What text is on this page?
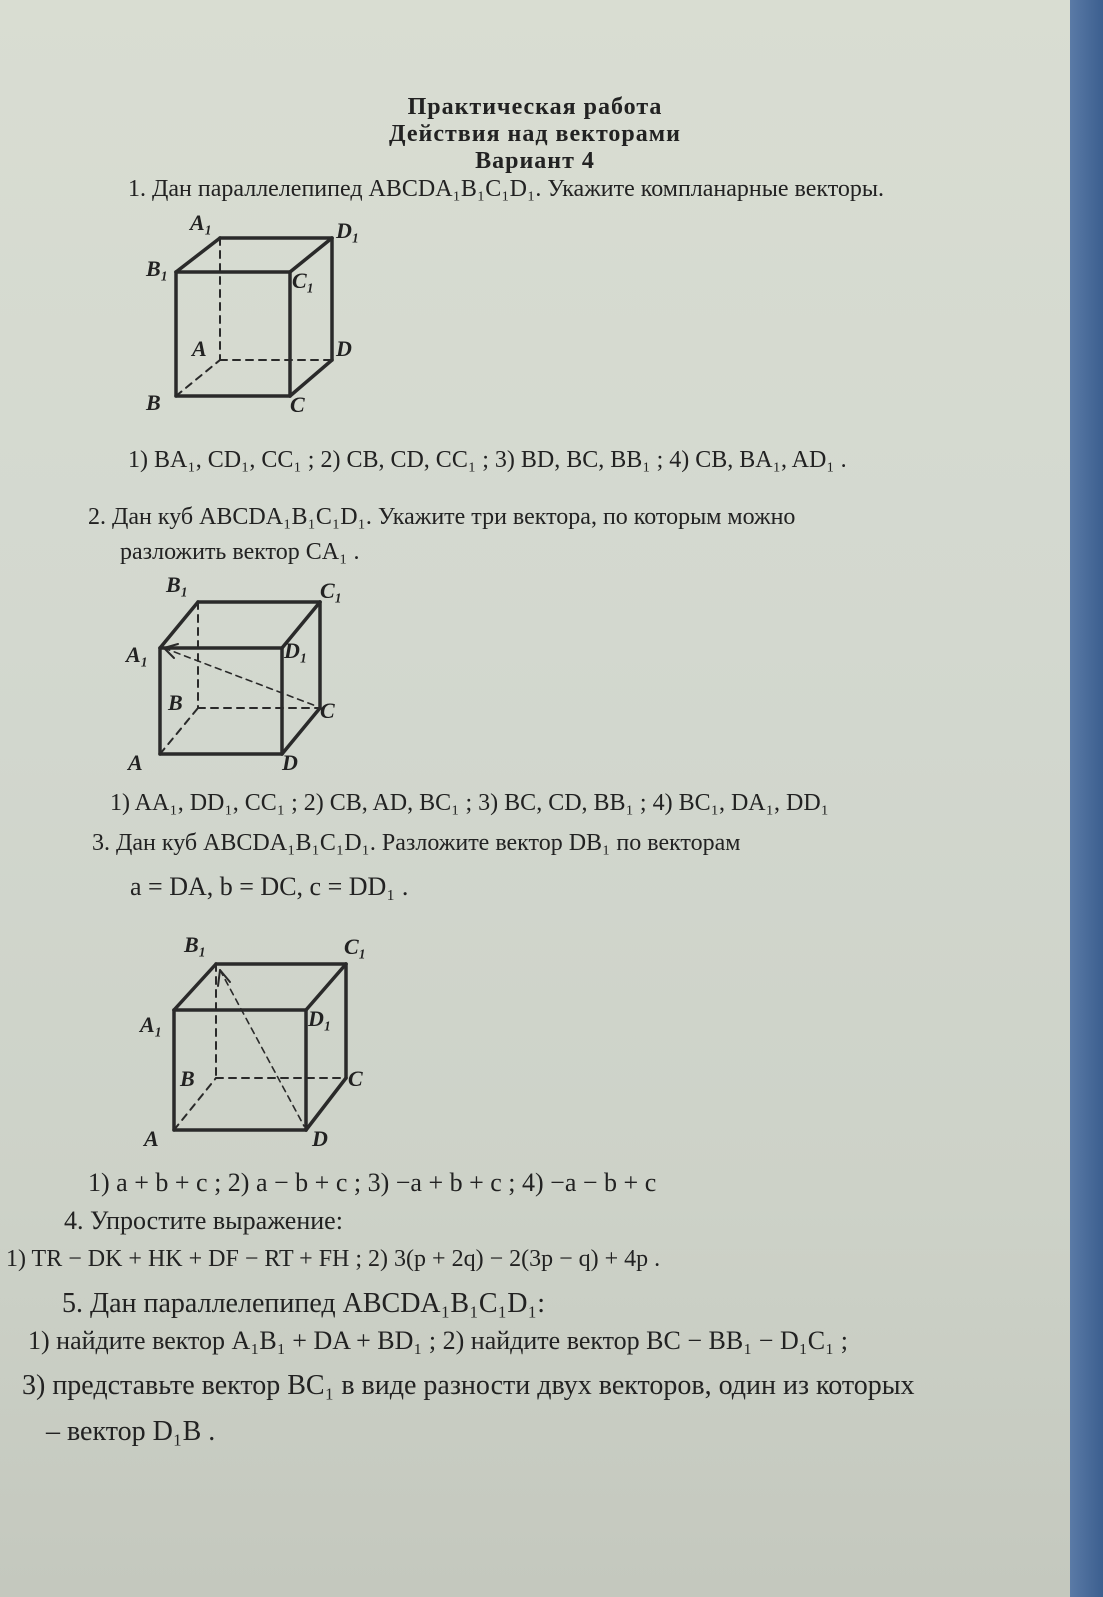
Практическая работа
Действия над векторами
Вариант 4
1. Дан параллелепипед ABCDA₁B₁C₁D₁. Укажите компланарные векторы.
A₁	D₁
B₁	C₁
A	D
B	C
1) BA₁, CD₁, CC₁ ; 2) CB, CD, CC₁ ; 3) BD, BC, BB₁ ; 4) CB, BA₁, AD₁ .
2. Дан куб ABCDA₁B₁C₁D₁. Укажите три вектора, по которым можно
разложить вектор CA₁ .
B₁	C₁
A₁	D₁
B	C
A	D
1) AA₁, DD₁, CC₁ ; 2) CB, AD, BC₁ ; 3) BC, CD, BB₁ ; 4) BC₁, DA₁, DD₁
3. Дан куб ABCDA₁B₁C₁D₁. Разложите вектор DB₁ по векторам
a = DA, b = DC, c = DD₁ .
B₁	C₁
A₁	D₁
B	C
A	D
1) a + b + c ; 2) a − b + c ; 3) −a + b + c ; 4) −a − b + c
4. Упростите выражение:
1) TR − DK + HK + DF − RT + FH ; 2) 3(p + 2q) − 2(3p − q) + 4p .
5. Дан параллелепипед ABCDA₁B₁C₁D₁:
1) найдите вектор A₁B₁ + DA + BD₁ ; 2) найдите вектор BC − BB₁ − D₁C₁ ;
3) представьте вектор BC₁ в виде разности двух векторов, один из которых
– вектор D₁B .
